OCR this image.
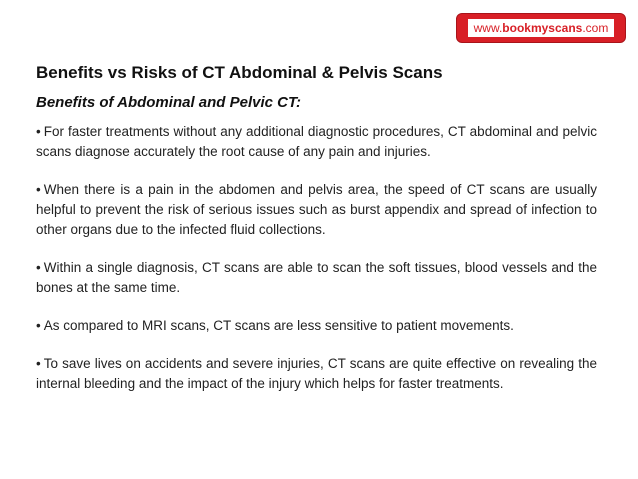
www.bookmyscans.com
Benefits vs Risks of CT Abdominal & Pelvis Scans
Benefits of Abdominal and Pelvic CT:
• For faster treatments without any additional diagnostic procedures, CT abdominal and pelvic scans diagnose accurately the root cause of any pain and injuries.
• When there is a pain in the abdomen and pelvis area, the speed of CT scans are usually helpful to prevent the risk of serious issues such as burst appendix and spread of infection to other organs due to the infected fluid collections.
• Within a single diagnosis, CT scans are able to scan the soft tissues, blood vessels and the bones at the same time.
• As compared to MRI scans, CT scans are less sensitive to patient movements.
• To save lives on accidents and severe injuries, CT scans are quite effective on revealing the internal bleeding and the impact of the injury which helps for faster treatments.
